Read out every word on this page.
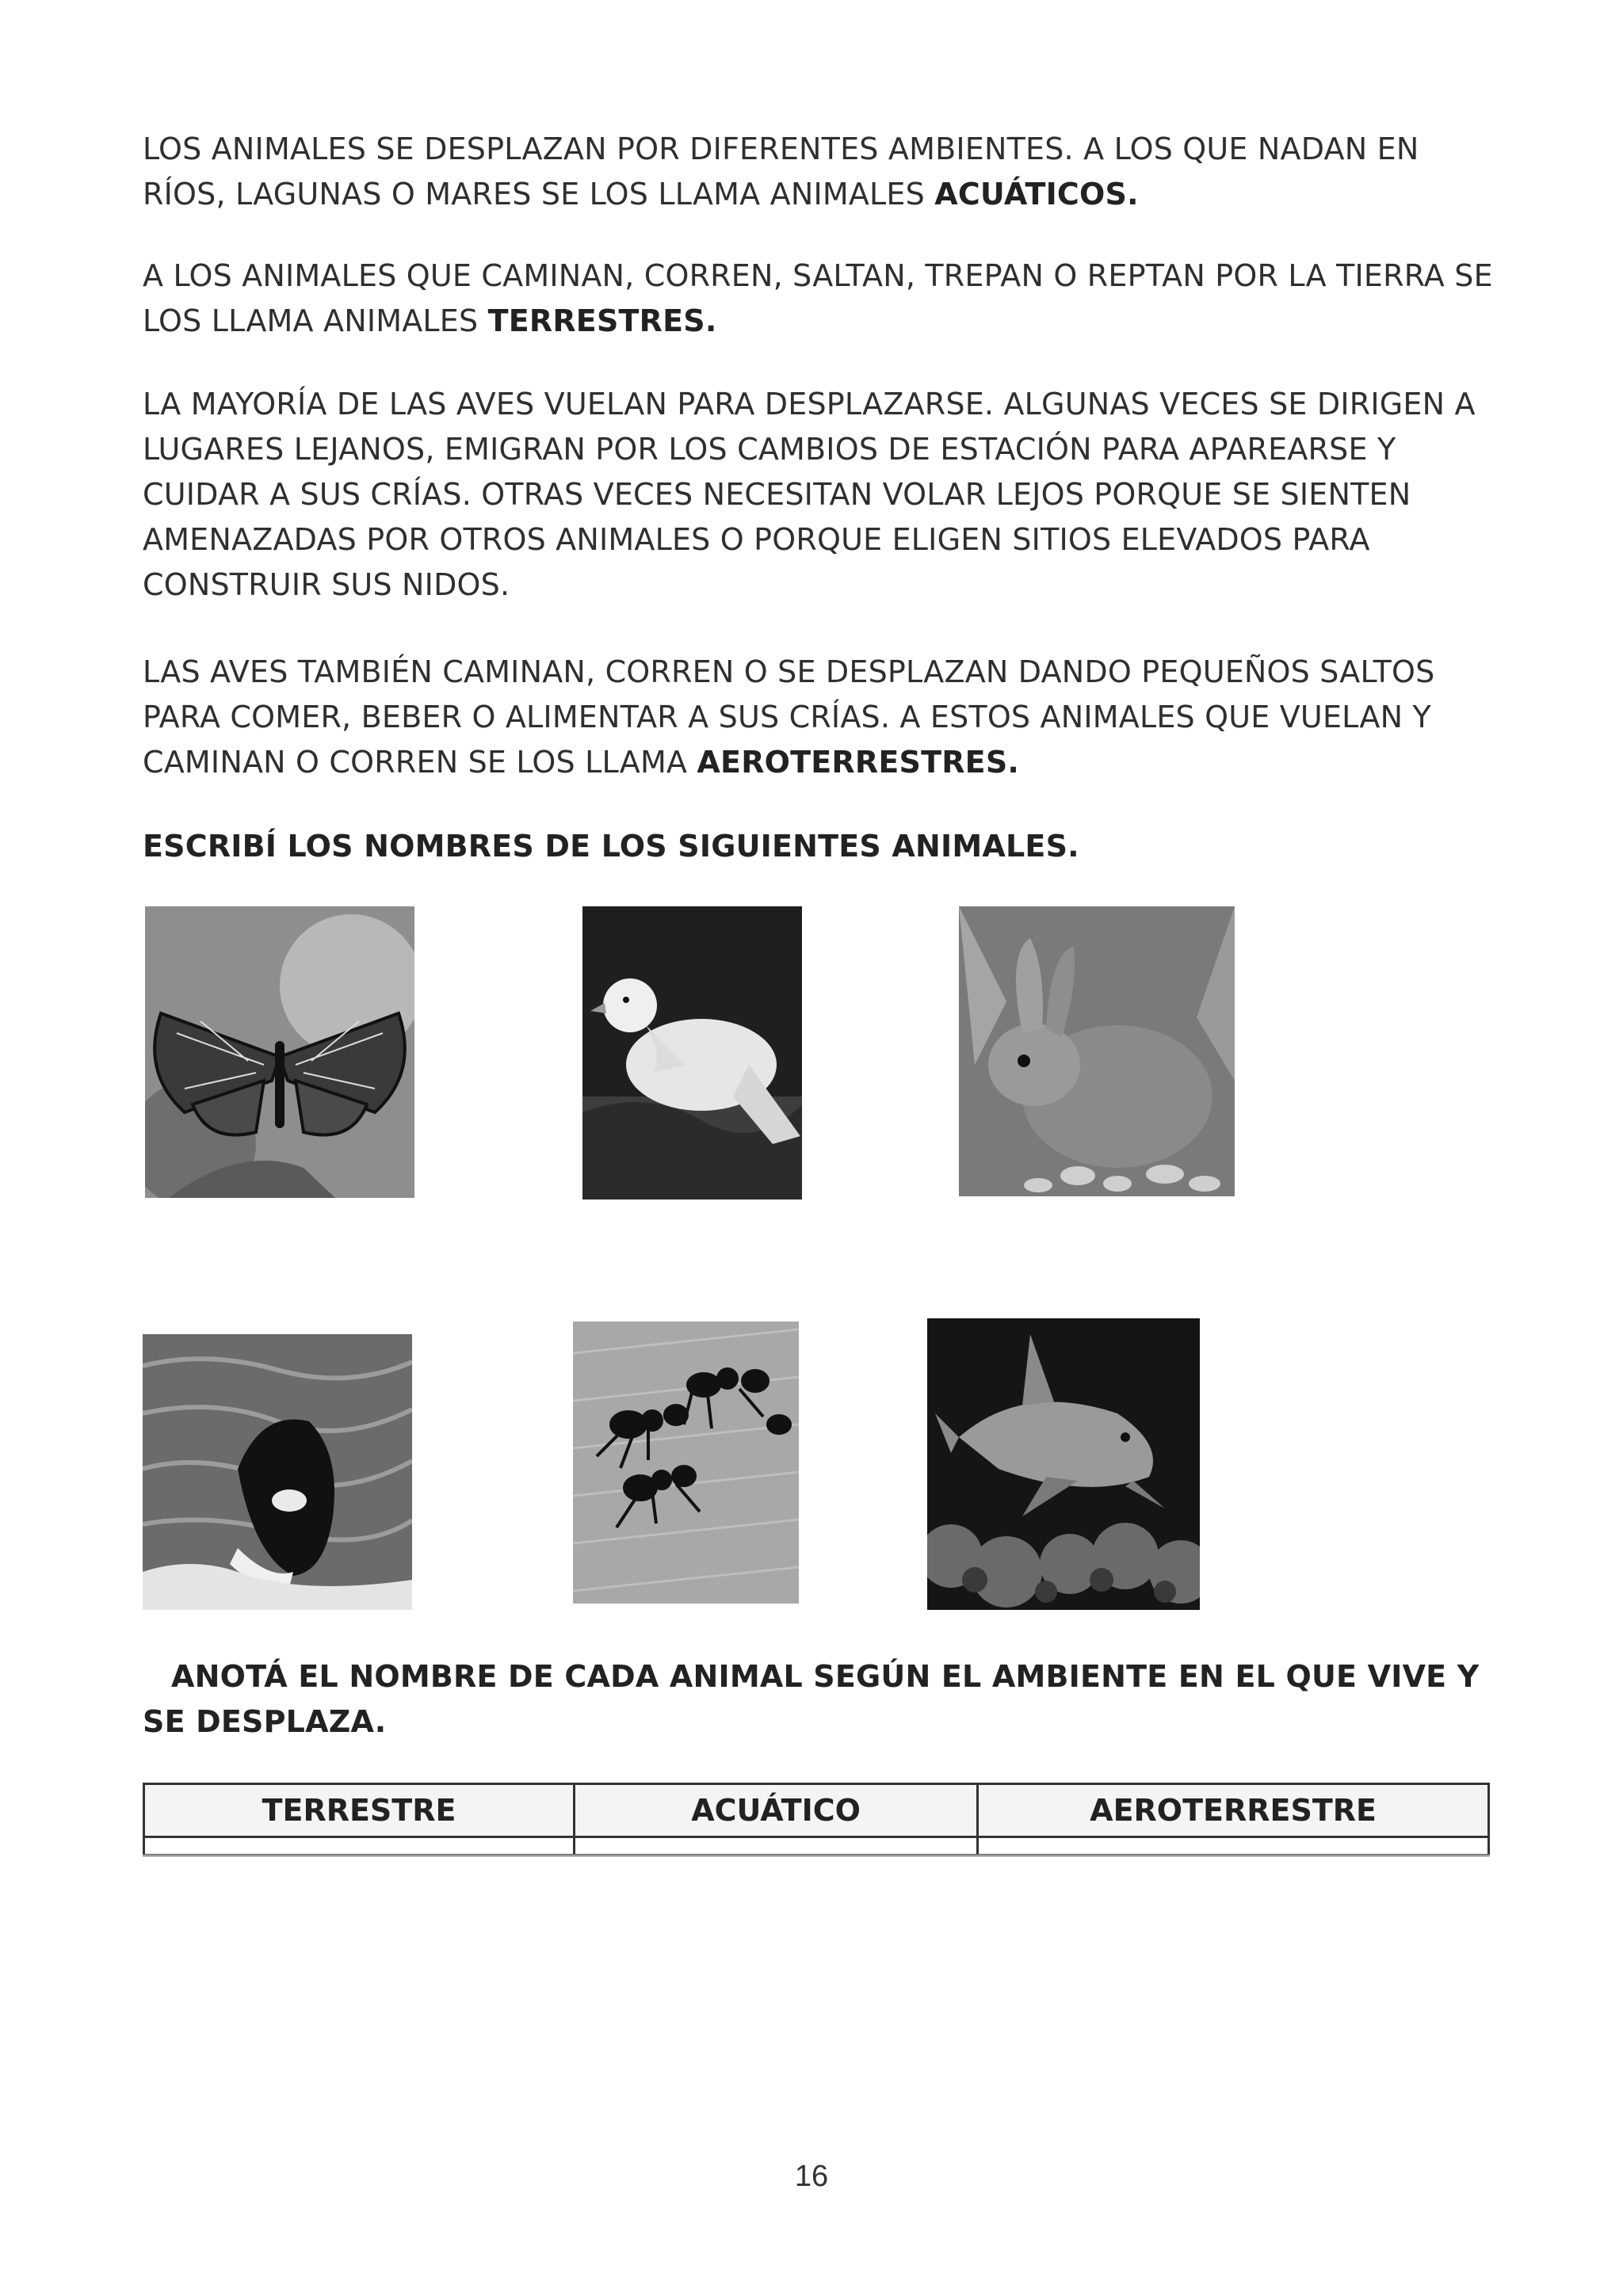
LOS ANIMALES SE DESPLAZAN POR DIFERENTES AMBIENTES. A LOS QUE NADAN EN RÍOS, LAGUNAS O MARES SE LOS LLAMA ANIMALES ACUÁTICOS.

A LOS ANIMALES QUE CAMINAN, CORREN, SALTAN, TREPAN O REPTAN POR LA TIERRA SE LOS LLAMA ANIMALES TERRESTRES.

LA MAYORÍA DE LAS AVES VUELAN PARA DESPLAZARSE. ALGUNAS VECES SE DIRIGEN A LUGARES LEJANOS, EMIGRAN POR LOS CAMBIOS DE ESTACIÓN PARA APAREARSE Y CUIDAR A SUS CRÍAS. OTRAS VECES NECESITAN VOLAR LEJOS PORQUE SE SIENTEN AMENAZADAS POR OTROS ANIMALES O PORQUE ELIGEN SITIOS ELEVADOS PARA CONSTRUIR SUS NIDOS.

LAS AVES TAMBIÉN CAMINAN, CORREN O SE DESPLAZAN DANDO PEQUEÑOS SALTOS PARA COMER, BEBER O ALIMENTAR A SUS CRÍAS. A ESTOS ANIMALES QUE VUELAN Y CAMINAN O CORREN SE LOS LLAMA AEROTERRESTRES.

ESCRIBÍ LOS NOMBRES DE LOS SIGUIENTES ANIMALES.

ANOTÁ EL NOMBRE DE CADA ANIMAL SEGÚN EL AMBIENTE EN EL QUE VIVE Y SE DESPLAZA.

TERRESTRE	ACUÁTICO	AEROTERRESTRE

16
